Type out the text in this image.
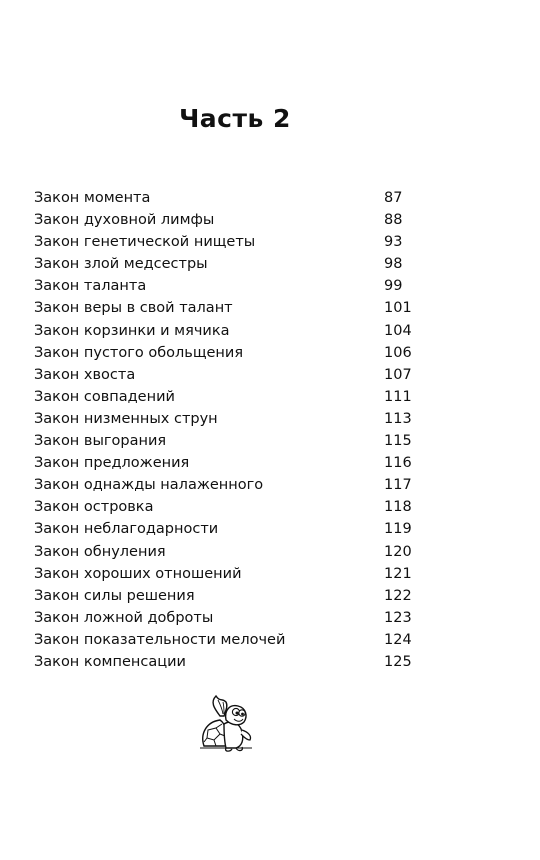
Часть 2
Закон момента	87
Закон духовной лимфы	88
Закон генетической нищеты	93
Закон злой медсестры	98
Закон таланта	99
Закон веры в свой талант	101
Закон корзинки и мячика	104
Закон пустого обольщения	106
Закон хвоста	107
Закон совпадений	111
Закон низменных струн	113
Закон выгорания	115
Закон предложения	116
Закон однажды налаженного	117
Закон островка	118
Закон неблагодарности	119
Закон обнуления	120
Закон хороших отношений	121
Закон силы решения	122
Закон ложной доброты	123
Закон показательности мелочей	124
Закон компенсации	125
